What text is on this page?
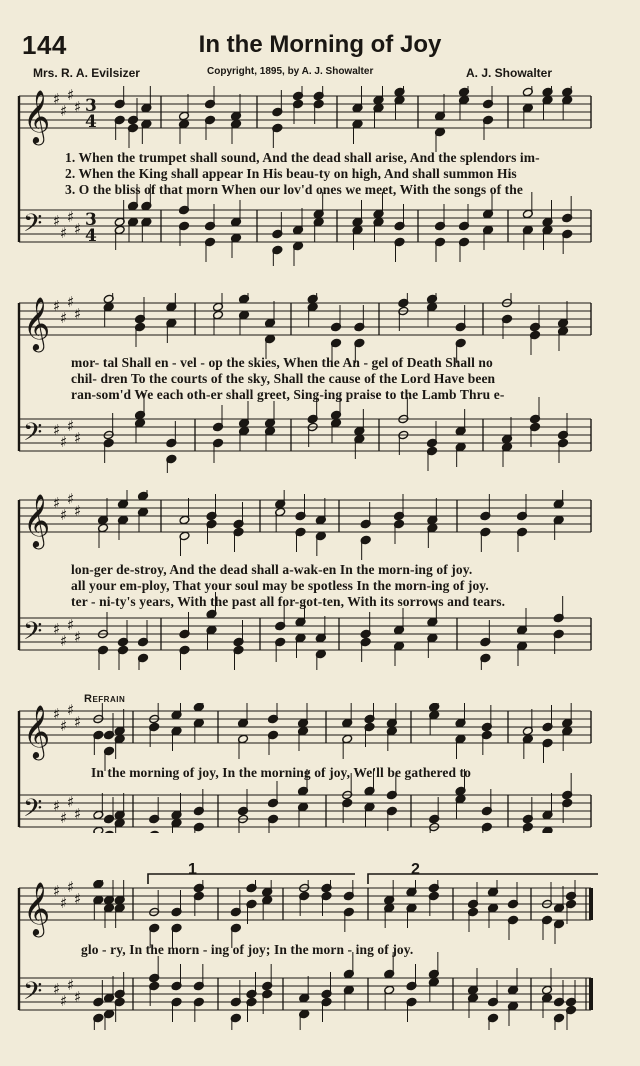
144	In the Morning of Joy
Mrs. R. A. Evilsizer	Copyright, 1895, by A. J. Showalter	A. J. Showalter
𝄞 ♯
♯
♯
♯ 3
4
𝄢 ♯
♯
♯
♯ 3
4
1. When the trumpet shall sound, And the dead shall arise, And the splendors im-
2. When the King shall appear In His beau-ty on high, And shall summon His
3. O the bliss of that morn When our lov'd ones we meet, With the songs of the
𝄞 ♯
♯
♯
♯
𝄢 ♯
♯
♯
♯
mor- tal Shall en - vel - op the skies, When the An - gel of Death Shall no
chil- dren To the courts of the sky, Shall the cause of the Lord Have been
ran-som'd We each oth-er shall greet, Sing-ing praise to the Lamb Thru e-
𝄞 ♯
♯
♯
♯
𝄢 ♯
♯
♯
♯
lon-ger de-stroy, And the dead shall a-wak-en In the morn-ing of joy.
all your em-ploy, That your soul may be spotless In the morn-ing of joy.
ter - ni-ty's years, With the past all for-got-ten, With its sorrows and tears.
Refrain
𝄞 ♯
♯
♯
♯
𝄢 ♯
♯
♯
♯
In the morning of joy, In the morning of joy, We'll be gathered to
𝄞 ♯
♯
♯
♯
𝄢 ♯
♯
♯
♯
glo - ry, In the morn - ing of joy; In the morn - ing of joy.
1	2
